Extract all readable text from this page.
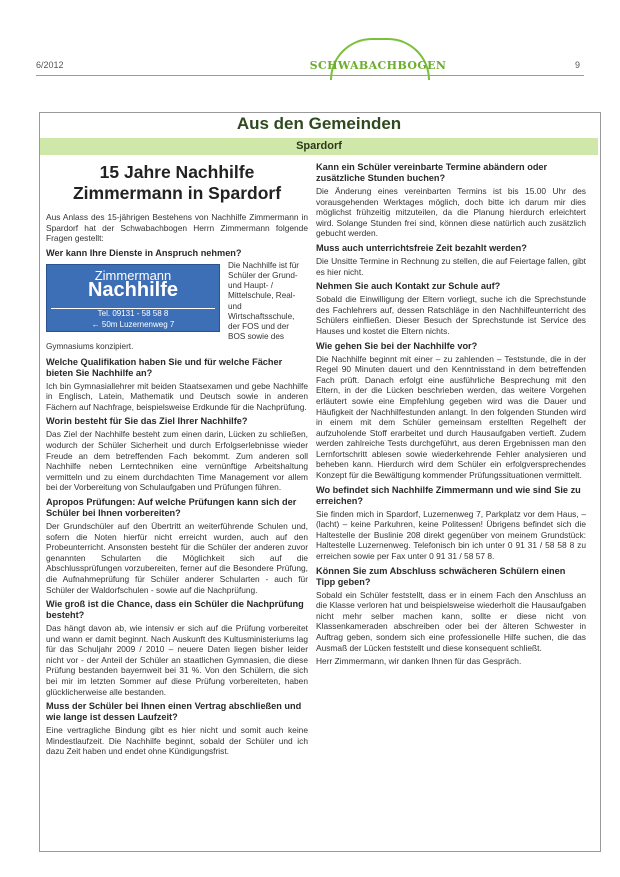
6/2012	SCHWABACHBOGEN	9
Aus den Gemeinden
Spardorf
15 Jahre Nachhilfe
Zimmermann in Spardorf

Aus Anlass des 15-jährigen Bestehens von Nachhilfe Zimmermann in Spardorf hat der Schwabachbogen Herrn Zimmermann folgende Fragen gestellt:

Wer kann Ihre Dienste in Anspruch nehmen?
Zimmermann
Nachhilfe
Tel. 09131 - 58 58 8
← 50m Luzernenweg 7
Die Nachhilfe ist für Schüler der Grund- und Haupt- / Mittelschule, Real- und Wirtschaftsschule, der FOS und der BOS sowie des Gymnasiums konzipiert.
Welche Qualifikation haben Sie und für welche Fächer bieten Sie Nachhilfe an?

Ich bin Gymnasiallehrer mit beiden Staatsexamen und gebe Nachhilfe in Englisch, Latein, Mathematik und Deutsch sowie in anderen Fächern auf Nachfrage, beispielsweise Erdkunde für die Nachprüfung.

Worin besteht für Sie das Ziel Ihrer Nachhilfe?

Das Ziel der Nachhilfe besteht zum einen darin, Lücken zu schließen, wodurch der Schüler Sicherheit und durch Erfolgserlebnisse wieder Freude an dem betreffenden Fach bekommt. Zum anderen soll Nachhilfe neben Lerntechniken eine vernünftige Arbeitshaltung vermitteln und zu einem durchdachten Time Management vor allem bei der Vorbereitung von Schulaufgaben und Prüfungen führen.

Apropos Prüfungen: Auf welche Prüfungen kann sich der Schüler bei Ihnen vorbereiten?

Der Grundschüler auf den Übertritt an weiterführende Schulen und, sofern die Noten hierfür nicht erreicht wurden, auch auf den Probeunterricht. Ansonsten besteht für die Schüler der anderen zuvor genannten Schularten die Möglichkeit sich auf die Abschlussprüfungen vorzubereiten, ferner auf die Besondere Prüfung, die Aufnahmeprüfung für Schüler anderer Schularten - auch für Schüler der Waldorfschulen - sowie auf die Nachprüfung.

Wie groß ist die Chance, dass ein Schüler die Nachprüfung besteht?

Das hängt davon ab, wie intensiv er sich auf die Prüfung vorbereitet und wann er damit beginnt. Nach Auskunft des Kultusministeriums lag für das Schuljahr 2009 / 2010 – neuere Daten liegen bisher leider nicht vor - der Anteil der Schüler an staatlichen Gymnasien, die diese Prüfung bestanden bayernweit bei 31 %. Von den Schülern, die sich bei mir im letzten Sommer auf diese Prüfung vorbereiteten, haben glücklicherweise alle bestanden.

Muss der Schüler bei Ihnen einen Vertrag abschließen und wie lange ist dessen Laufzeit?

Eine vertragliche Bindung gibt es hier nicht und somit auch keine Mindestlaufzeit. Die Nachhilfe beginnt, sobald der Schüler und ich dazu Zeit haben und endet ohne Kündigungsfrist.

Kann ein Schüler vereinbarte Termine abändern oder zusätzliche Stunden buchen?

Die Änderung eines vereinbarten Termins ist bis 15.00 Uhr des vorausgehenden Werktages möglich, doch bitte ich darum mir dies möglichst frühzeitig mitzuteilen, da die Planung hierdurch erleichtert wird. Solange Stunden frei sind, können diese natürlich auch zusätzlich gebucht werden.

Muss auch unterrichtsfreie Zeit bezahlt werden?

Die Unsitte Termine in Rechnung zu stellen, die auf Feiertage fallen, gibt es hier nicht.

Nehmen Sie auch Kontakt zur Schule auf?

Sobald die Einwilligung der Eltern vorliegt, suche ich die Sprechstunde des Fachlehrers auf, dessen Ratschläge in den Nachhilfeunterricht des Schülers einfließen. Dieser Besuch der Sprechstunde ist Service des Hauses und kostet die Eltern nichts.

Wie gehen Sie bei der Nachhilfe vor?

Die Nachhilfe beginnt mit einer – zu zahlenden – Teststunde, die in der Regel 90 Minuten dauert und den Kenntnisstand in dem betreffenden Fach prüft. Danach erfolgt eine ausführliche Besprechung mit den Eltern, in der die Lücken beschrieben werden, das weitere Vorgehen erläutert sowie eine Empfehlung gegeben wird was die Dauer und Häufigkeit der Nachhilfestunden anlangt. In den folgenden Stunden wird in einem mit dem Schüler gemeinsam erstellten Regelheft der aufzuholende Stoff erarbeitet und durch Hausaufgaben vertieft. Zudem werden zahlreiche Tests durchgeführt, aus deren Ergebnissen man den Lernfortschritt ablesen sowie wiederkehrende Fehler analysieren und beheben kann. Hierdurch wird dem Schüler ein erfolgversprechendes Konzept für die Bewältigung kommender Prüfungssituationen vermittelt.

Wo befindet sich Nachhilfe Zimmermann und wie sind Sie zu erreichen?

Sie finden mich in Spardorf, Luzernenweg 7, Parkplatz vor dem Haus, – (lacht) – keine Parkuhren, keine Politessen! Übrigens befindet sich die Haltestelle der Buslinie 208 direkt gegenüber von meinem Grundstück: Haltestelle Luzernenweg. Telefonisch bin ich unter 0 91 31 / 58 58 8 zu erreichen sowie per Fax unter 0 91 31 / 58 57 8.

Können Sie zum Abschluss schwächeren Schülern einen Tipp geben?

Sobald ein Schüler feststellt, dass er in einem Fach den Anschluss an die Klasse verloren hat und beispielsweise wiederholt die Hausaufgaben nicht mehr selber machen kann, sollte er diese nicht von Klassenkameraden abschreiben oder bei der älteren Schwester in Auftrag geben, sondern sich eine professionelle Hilfe suchen, die das Ausmaß der Lücken feststellt und diese konsequent schließt.

Herr Zimmermann, wir danken Ihnen für das Gespräch.
